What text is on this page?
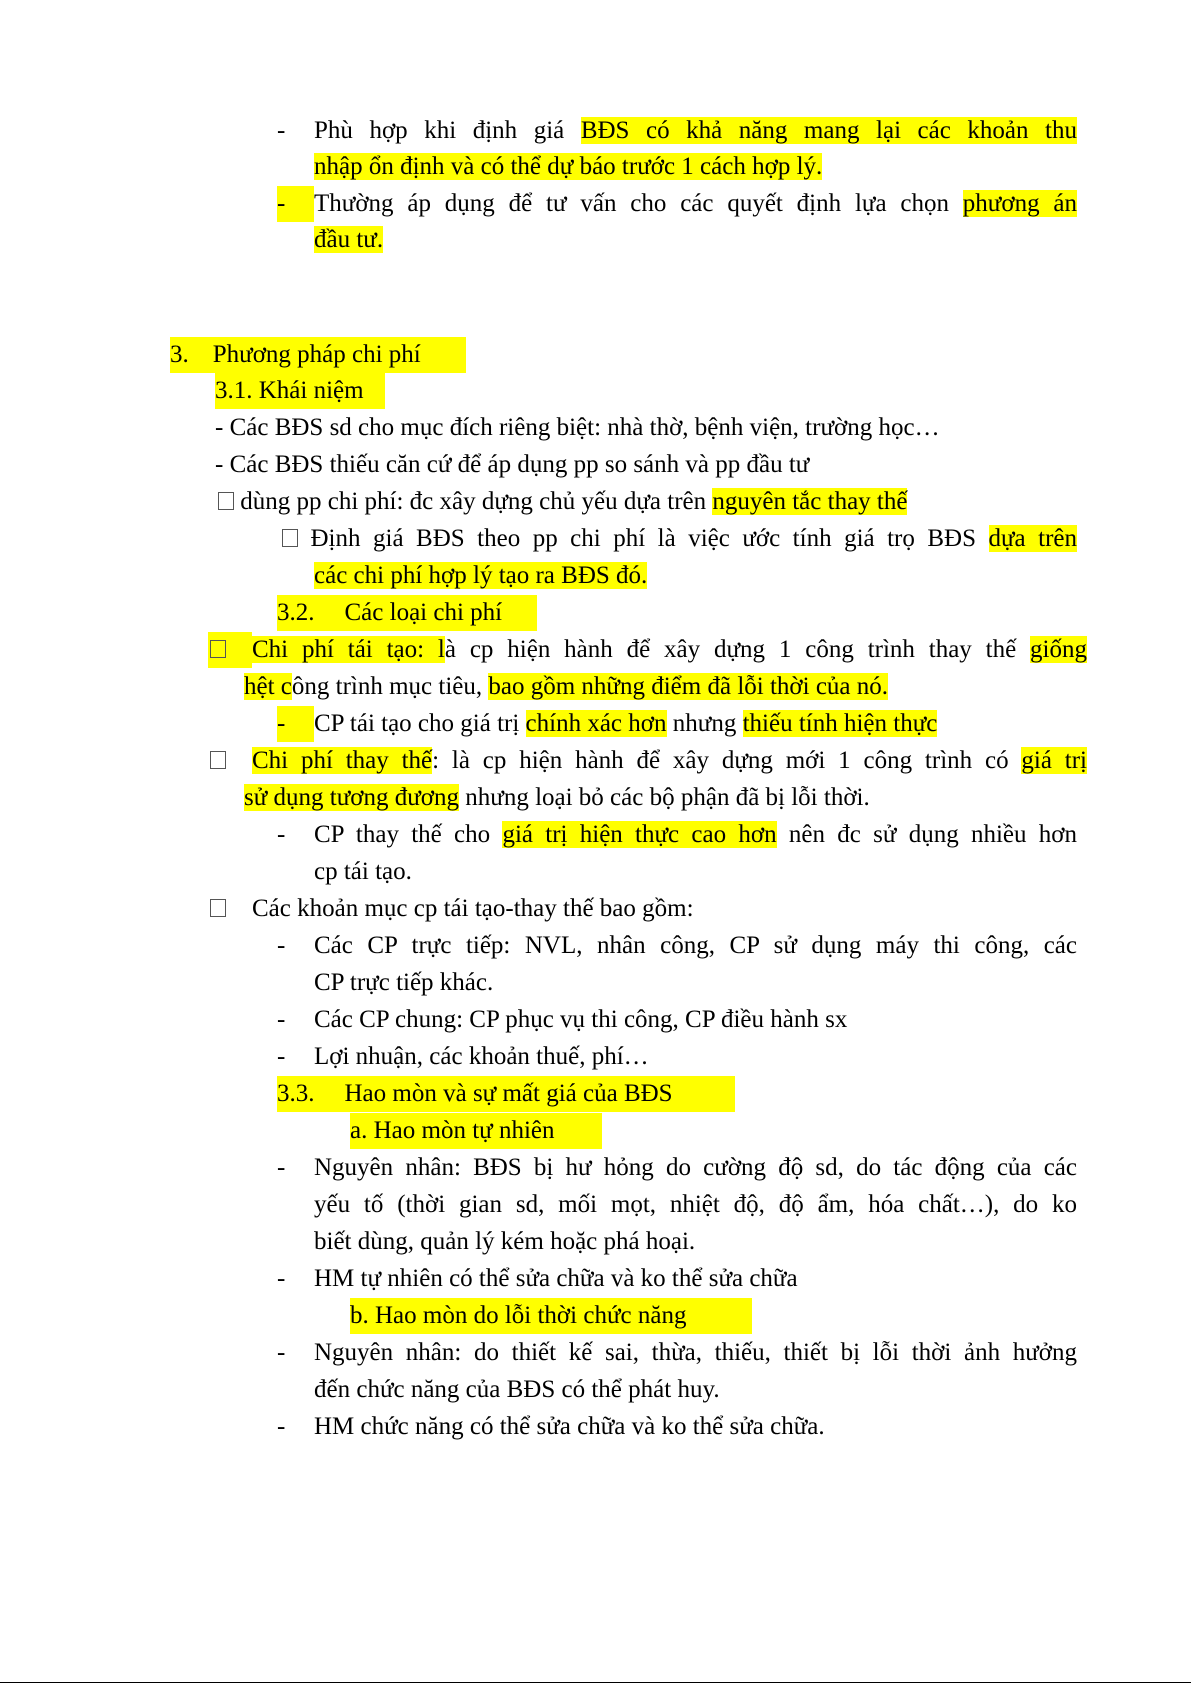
- Phù hợp khi định giá BĐS có khả năng mang lại các khoản thu
nhập ổn định và có thể dự báo trước 1 cách hợp lý.
-	Thường áp dụng để tư vấn cho các quyết định lựa chọn phương án
đầu tư.
3. Phương pháp chi phí
3.1. Khái niệm
- Các BĐS sd cho mục đích riêng biệt: nhà thờ, bệnh viện, trường học…
- Các BĐS thiếu căn cứ để áp dụng pp so sánh và pp đầu tư
dùng pp chi phí: đc xây dựng chủ yếu dựa trên nguyên tắc thay thế
Định giá BĐS theo pp chi phí là việc ước tính giá trọ BĐS dựa trên
các chi phí hợp lý tạo ra BĐS đó.
3.2. Các loại chi phí
Chi phí tái tạo: là cp hiện hành để xây dựng 1 công trình thay thế giống
hệt công trình mục tiêu, bao gồm những điểm đã lỗi thời của nó.
-	CP tái tạo cho giá trị chính xác hơn nhưng thiếu tính hiện thực
Chi phí thay thế: là cp hiện hành để xây dựng mới 1 công trình có giá trị
sử dụng tương đương nhưng loại bỏ các bộ phận đã bị lỗi thời.
- CP thay thế cho giá trị hiện thực cao hơn nên đc sử dụng nhiều hơn
cp tái tạo.
Các khoản mục cp tái tạo-thay thế bao gồm:
- Các CP trực tiếp: NVL, nhân công, CP sử dụng máy thi công, các
CP trực tiếp khác.
- Các CP chung: CP phục vụ thi công, CP điều hành sx
- Lợi nhuận, các khoản thuế, phí…
3.3. Hao mòn và sự mất giá của BĐS
a. Hao mòn tự nhiên
- Nguyên nhân: BĐS bị hư hỏng do cường độ sd, do tác động của các
yếu tố (thời gian sd, mối mọt, nhiệt độ, độ ẩm, hóa chất…), do ko
biết dùng, quản lý kém hoặc phá hoại.
- HM tự nhiên có thể sửa chữa và ko thể sửa chữa
b. Hao mòn do lỗi thời chức năng
- Nguyên nhân: do thiết kế sai, thừa, thiếu, thiết bị lỗi thời ảnh hưởng
đến chức năng của BĐS có thể phát huy.
- HM chức năng có thể sửa chữa và ko thể sửa chữa.
